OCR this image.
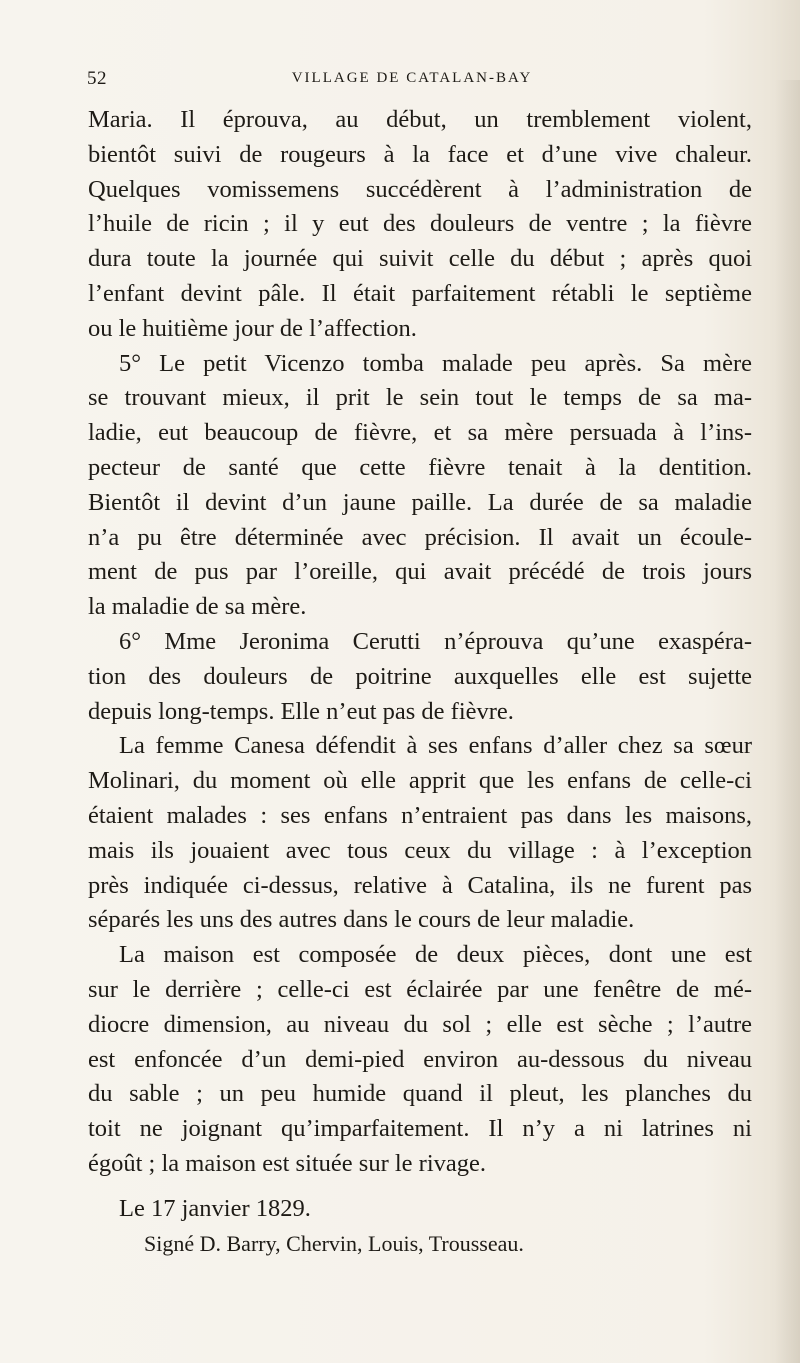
52	VILLAGE DE CATALAN-BAY

Maria. Il éprouva, au début, un tremblement violent,

bientôt suivi de rougeurs à la face et d’une vive chaleur.

Quelques vomissemens succédèrent à l’administration de

l’huile de ricin ; il y eut des douleurs de ventre ; la fièvre

dura toute la journée qui suivit celle du début ; après quoi

l’enfant devint pâle. Il était parfaitement rétabli le septième

ou le huitième jour de l’affection.

5° Le petit Vicenzo tomba malade peu après. Sa mère

se trouvant mieux, il prit le sein tout le temps de sa ma-

ladie, eut beaucoup de fièvre, et sa mère persuada à l’ins-

pecteur de santé que cette fièvre tenait à la dentition.

Bientôt il devint d’un jaune paille. La durée de sa maladie

n’a pu être déterminée avec précision. Il avait un écoule-

ment de pus par l’oreille, qui avait précédé de trois jours

la maladie de sa mère.

6° Mme Jeronima Cerutti n’éprouva qu’une exaspéra-

tion des douleurs de poitrine auxquelles elle est sujette

depuis long-temps. Elle n’eut pas de fièvre.

La femme Canesa défendit à ses enfans d’aller chez sa sœur

Molinari, du moment où elle apprit que les enfans de celle-ci

étaient malades : ses enfans n’entraient pas dans les maisons,

mais ils jouaient avec tous ceux du village : à l’exception

près indiquée ci-dessus, relative à Catalina, ils ne furent pas

séparés les uns des autres dans le cours de leur maladie.

La maison est composée de deux pièces, dont une est

sur le derrière ; celle-ci est éclairée par une fenêtre de mé-

diocre dimension, au niveau du sol ; elle est sèche ; l’autre

est enfoncée d’un demi-pied environ au-dessous du niveau

du sable ; un peu humide quand il pleut, les planches du

toit ne joignant qu’imparfaitement. Il n’y a ni latrines ni

égoût ; la maison est située sur le rivage.

Le 17 janvier 1829.

Signé D. Barry, Chervin, Louis, Trousseau.
